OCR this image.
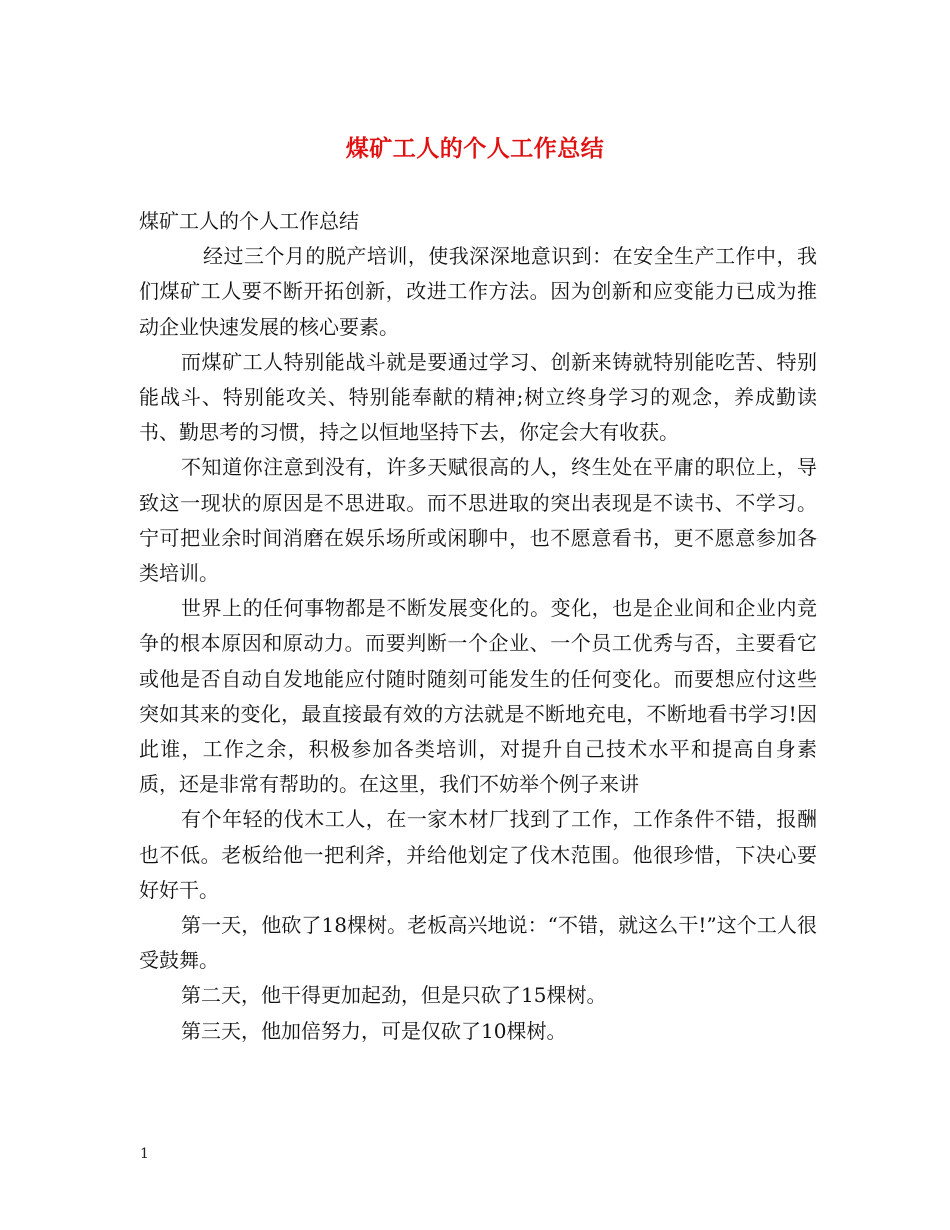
煤矿工人的个人工作总结

煤矿工人的个人工作总结

经过三个月的脱产培训，使我深深地意识到：在安全生产工作中，我们煤矿工人要不断开拓创新，改进工作方法。因为创新和应变能力已成为推动企业快速发展的核心要素。

而煤矿工人特别能战斗就是要通过学习、创新来铸就特别能吃苦、特别能战斗、特别能攻关、特别能奉献的精神;树立终身学习的观念，养成勤读书、勤思考的习惯，持之以恒地坚持下去，你定会大有收获。

不知道你注意到没有，许多天赋很高的人，终生处在平庸的职位上，导致这一现状的原因是不思进取。而不思进取的突出表现是不读书、不学习。宁可把业余时间消磨在娱乐场所或闲聊中，也不愿意看书，更不愿意参加各类培训。

世界上的任何事物都是不断发展变化的。变化，也是企业间和企业内竞争的根本原因和原动力。而要判断一个企业、一个员工优秀与否，主要看它或他是否自动自发地能应付随时随刻可能发生的任何变化。而要想应付这些突如其来的变化，最直接最有效的方法就是不断地充电，不断地看书学习!因此谁，工作之余，积极参加各类培训，对提升自己技术水平和提高自身素质，还是非常有帮助的。在这里，我们不妨举个例子来讲

有个年轻的伐木工人，在一家木材厂找到了工作，工作条件不错，报酬也不低。老板给他一把利斧，并给他划定了伐木范围。他很珍惜，下决心要好好干。

第一天，他砍了18棵树。老板高兴地说：“不错，就这么干!”这个工人很受鼓舞。

第二天，他干得更加起劲，但是只砍了15棵树。

第三天，他加倍努力，可是仅砍了10棵树。

1
